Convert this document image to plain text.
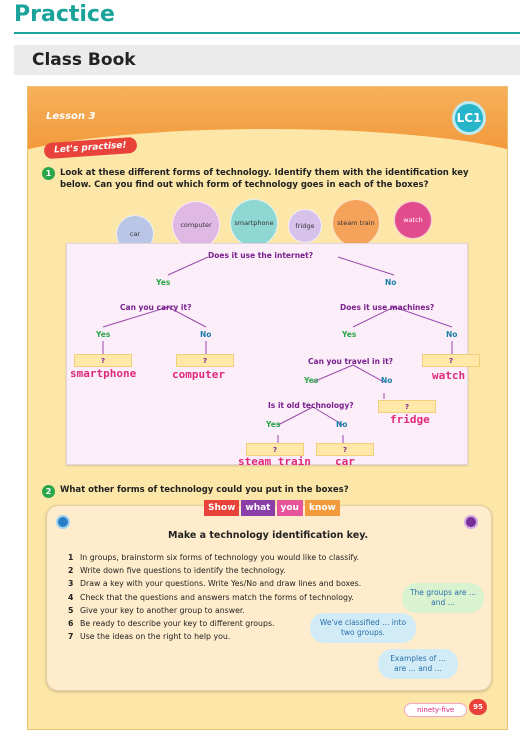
Practice
Class Book
Lesson 3	LC1
Let's practise!
1	Look at these different forms of technology. Identify them with the identification key
below. Can you find out which form of technology goes in each of the boxes?
car
computer	smartphone	fridge	steam train	watch
Does it use the internet?
Yes	No
Can you carry it?	Does it use machines?
Yes	No	Yes	No
?
smartphone
?
computer
Can you travel in it?	?
watch
Yes	No
Is it old technology?	?
fridge
Yes	No
?
steam train
?
car
2	What other forms of technology could you put in the boxes?
Show	what	you	know
Make a technology identification key.
1 In groups, brainstorm six forms of technology you would like to classify.
2 Write down five questions to identify the technology.
3 Draw a key with your questions. Write Yes/No and draw lines and boxes.
4 Check that the questions and answers match the forms of technology.
5 Give your key to another group to answer.
6 Be ready to describe your key to different groups.
7 Use the ideas on the right to help you.
The groups are ... and ...
We've classified ... into two groups.
Examples of ... are ... and ...
ninety-five	95
